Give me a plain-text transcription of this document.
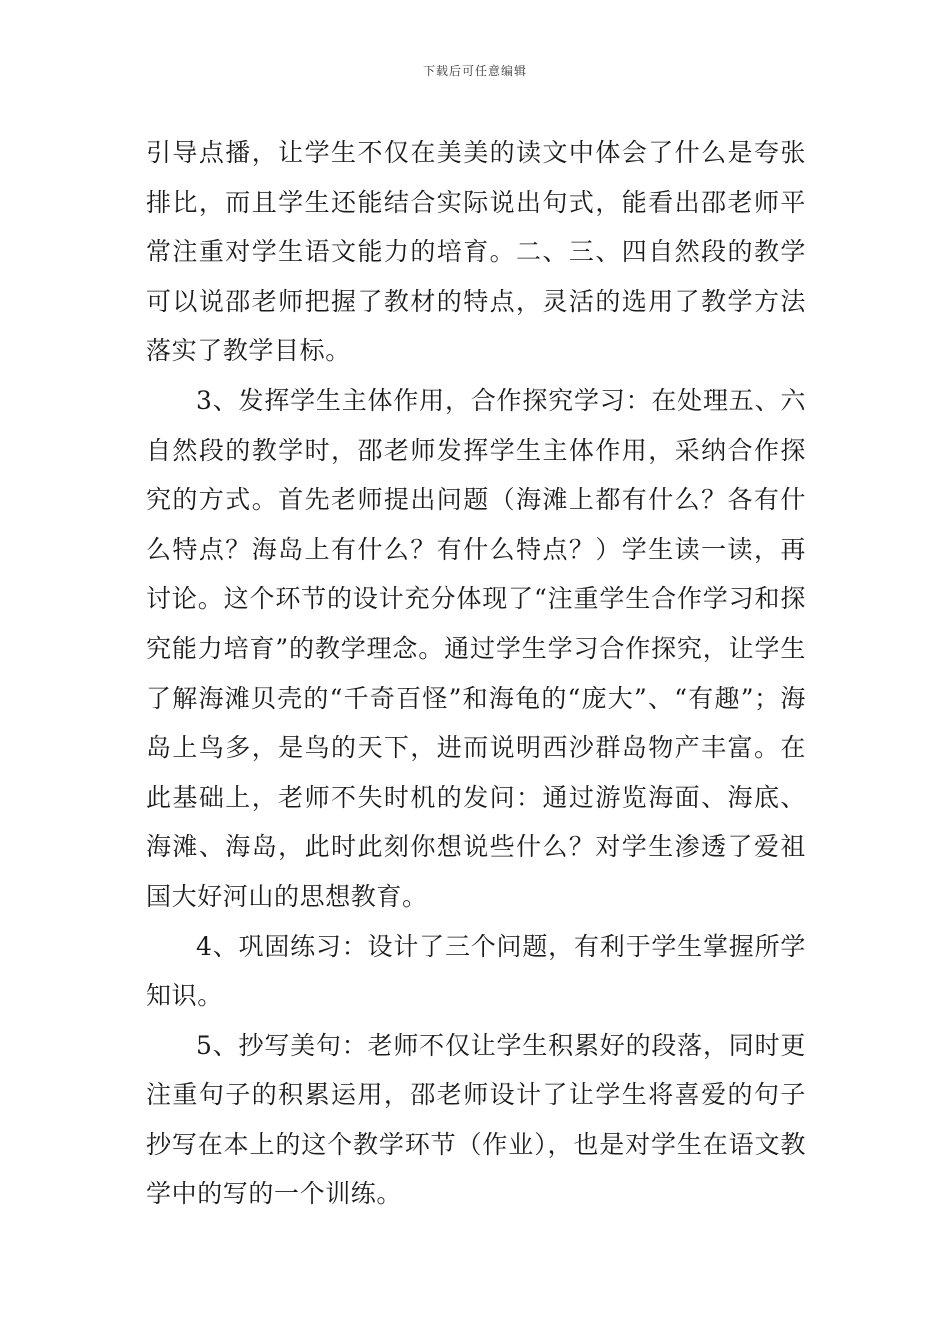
下载后可任意编辑

引导点播，让学生不仅在美美的读文中体会了什么是夸张排比，而且学生还能结合实际说出句式，能看出邵老师平常注重对学生语文能力的培育。二、三、四自然段的教学可以说邵老师把握了教材的特点，灵活的选用了教学方法落实了教学目标。

3、发挥学生主体作用，合作探究学习：在处理五、六自然段的教学时，邵老师发挥学生主体作用，采纳合作探究的方式。首先老师提出问题（海滩上都有什么？各有什么特点？海岛上有什么？有什么特点？）学生读一读，再讨论。这个环节的设计充分体现了“注重学生合作学习和探究能力培育”的教学理念。通过学生学习合作探究，让学生了解海滩贝壳的“千奇百怪”和海龟的“庞大”、“有趣”；海岛上鸟多，是鸟的天下，进而说明西沙群岛物产丰富。在此基础上，老师不失时机的发问：通过游览海面、海底、海滩、海岛，此时此刻你想说些什么？对学生渗透了爱祖国大好河山的思想教育。

4、巩固练习：设计了三个问题，有利于学生掌握所学知识。

5、抄写美句：老师不仅让学生积累好的段落，同时更注重句子的积累运用，邵老师设计了让学生将喜爱的句子抄写在本上的这个教学环节（作业），也是对学生在语文教学中的写的一个训练。
